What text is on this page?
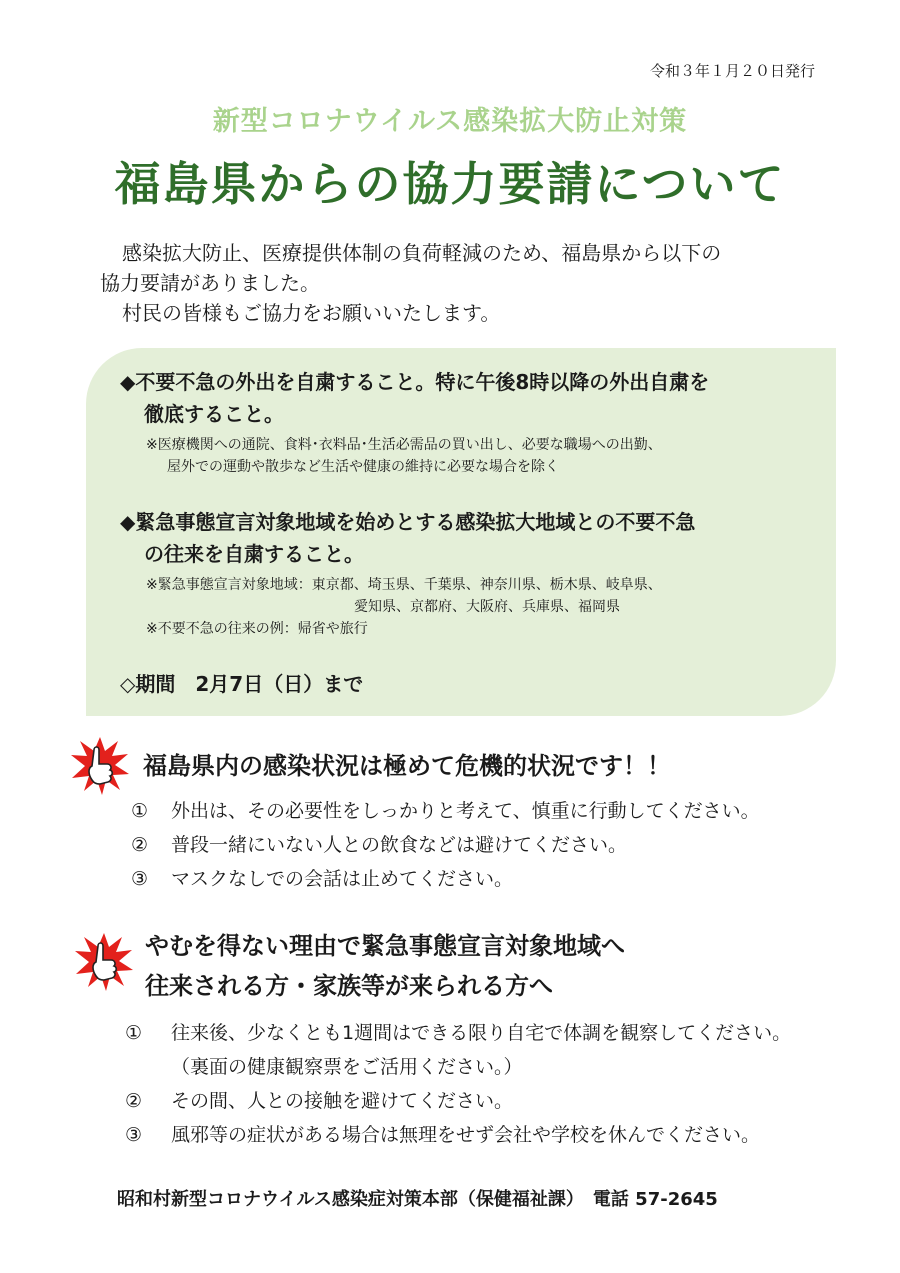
令和３年１月２０日発行
新型コロナウイルス感染拡大防止対策
福島県からの協力要請について

感染拡大防止、医療提供体制の負荷軽減のため、福島県から以下の

協力要請がありました。

村民の皆様もご協力をお願いいたします。

◆不要不急の外出を自粛すること。特に午後8時以降の外出自粛を
徹底すること。
※医療機関への通院、食料･衣料品･生活必需品の買い出し、必要な職場への出勤、
屋外での運動や散歩など生活や健康の維持に必要な場合を除く
◆緊急事態宣言対象地域を始めとする感染拡大地域との不要不急
の往来を自粛すること。
※緊急事態宣言対象地域：東京都、埼玉県、千葉県、神奈川県、栃木県、岐阜県、
愛知県、京都府、大阪府、兵庫県、福岡県
※不要不急の往来の例：帰省や旅行
◇期間　2月7日（日）まで
福島県内の感染状況は極めて危機的状況です！！
①	外出は、その必要性をしっかりと考えて、慎重に行動してください。
②	普段一緒にいない人との飲食などは避けてください。
③	マスクなしでの会話は止めてください。
やむを得ない理由で緊急事態宣言対象地域へ
往来される方・家族等が来られる方へ
①	往来後、少なくとも1週間はできる限り自宅で体調を観察してください。
（裏面の健康観察票をご活用ください。）
②	その間、人との接触を避けてください。
③	風邪等の症状がある場合は無理をせず会社や学校を休んでください。
昭和村新型コロナウイルス感染症対策本部（保健福祉課）　電話 57-2645
